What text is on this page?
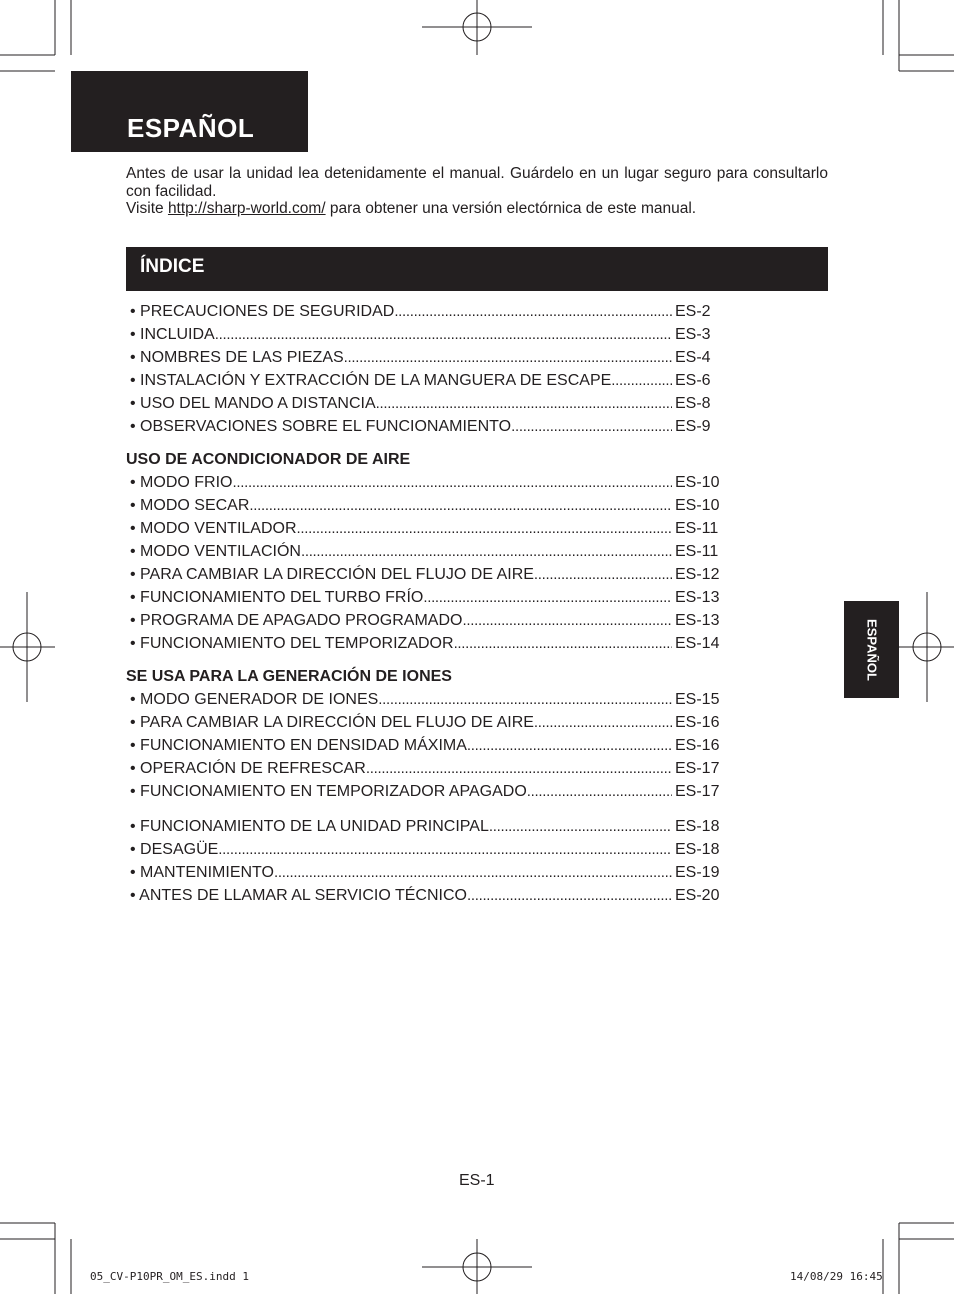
ESPAÑOL

Antes de usar la unidad lea detenidamente el manual. Guárdelo en un lugar seguro para consultarlo con facilidad.

Visite http://sharp-world.com/ para obtener una versión electórnica de este manual.

ÍNDICE
• PRECAUCIONES DE SEGURIDAD .....	ES-2
• INCLUIDA .....	ES-3
• NOMBRES DE LAS PIEZAS .....	ES-4
• INSTALACIÓN Y EXTRACCIÓN DE LA MANGUERA DE ESCAPE .....	ES-6
• USO DEL MANDO A DISTANCIA .....	ES-8
• OBSERVACIONES SOBRE EL FUNCIONAMIENTO .....	ES-9
USO DE ACONDICIONADOR DE AIRE
• MODO FRIO .....	ES-10
• MODO SECAR .....	ES-10
• MODO VENTILADOR .....	ES-11
• MODO VENTILACIÓN .....	ES-11
• PARA CAMBIAR LA DIRECCIÓN DEL FLUJO DE AIRE .....	ES-12
• FUNCIONAMIENTO DEL TURBO FRÍO .....	ES-13
• PROGRAMA DE APAGADO PROGRAMADO .....	ES-13
• FUNCIONAMIENTO DEL TEMPORIZADOR .....	ES-14
SE USA PARA LA GENERACIÓN DE IONES
• MODO GENERADOR DE IONES .....	ES-15
• PARA CAMBIAR LA DIRECCIÓN DEL FLUJO DE AIRE .....	ES-16
• FUNCIONAMIENTO EN DENSIDAD MÁXIMA .....	ES-16
• OPERACIÓN DE REFRESCAR .....	ES-17
• FUNCIONAMIENTO EN TEMPORIZADOR APAGADO .....	ES-17
• FUNCIONAMIENTO DE LA UNIDAD PRINCIPAL .....	ES-18
• DESAGÜE .....	ES-18
• MANTENIMIENTO .....	ES-19
• ANTES DE LLAMAR AL SERVICIO TÉCNICO .....	ES-20
ESPAÑOL
ES-1
05_CV-P10PR_OM_ES.indd 1	14/08/29 16:45
